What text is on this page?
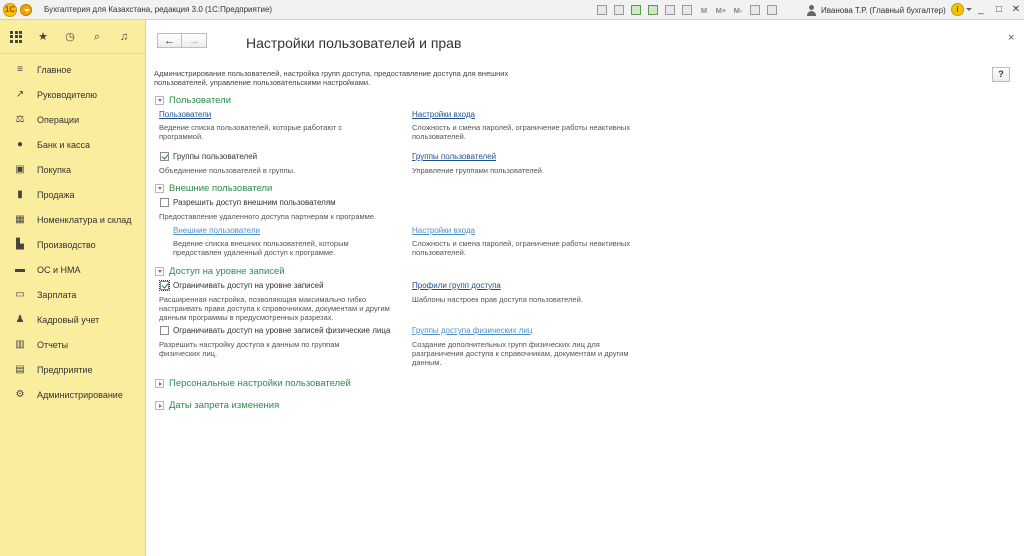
1С	Бухгалтерия для Казахстана, редакция 3.0 (1С:Предприятие)	M	M+ M-	Иванова Т.Р. (Главный бухгалтер)	i	_	□ ✕
★ ◷ ⌕ ♫
≡	Главное
↗ Руководителю
⚖ Операции
●	Банк и касса
▣ Покупка
▮	Продажа
▦ Номенклатура и склад
▙ Производство
▬ ОС и НМА
▭ Зарплата
♟ Кадровый учет
▥ Отчеты
▤ Предприятие
⚙ Администрирование
←	→	Настройки пользователей и прав	×
?
Администрирование пользователей, настройка групп доступа, предоставление доступа для внешних пользователей, управление пользовательскими настройками.
Пользователи
Пользователи
Ведение списка пользователей, которые работают с программой.
Настройки входа
Сложность и смена паролей, ограничение работы неактивных пользователей.
Группы пользователей
Объединение пользователей в группы.
Группы пользователей
Управление группами пользователей.
Внешние пользователи
Разрешить доступ внешним пользователям
Предоставление удаленного доступа партнерам к программе.
Внешние пользователи
Ведение списка внешних пользователей, которым предоставлен удаленный доступ к программе.
Настройки входа
Сложность и смена паролей, ограничение работы неактивных пользователей.
Доступ на уровне записей
Ограничивать доступ на уровне записей
Расширенная настройка, позволяющая максимально гибко настраивать права доступа к справочникам, документам и другим данным программы в предусмотренных разрезах.
Профили групп доступа
Шаблоны настроек прав доступа пользователей.
Ограничивать доступ на уровне записей физические лица
Разрешить настройку доступа к данным по группам физических лиц.
Группы доступа физических лиц
Создание дополнительных групп физических лиц для разграничения доступа к справочникам, документам и другим данным.
Персональные настройки пользователей
Даты запрета изменения
